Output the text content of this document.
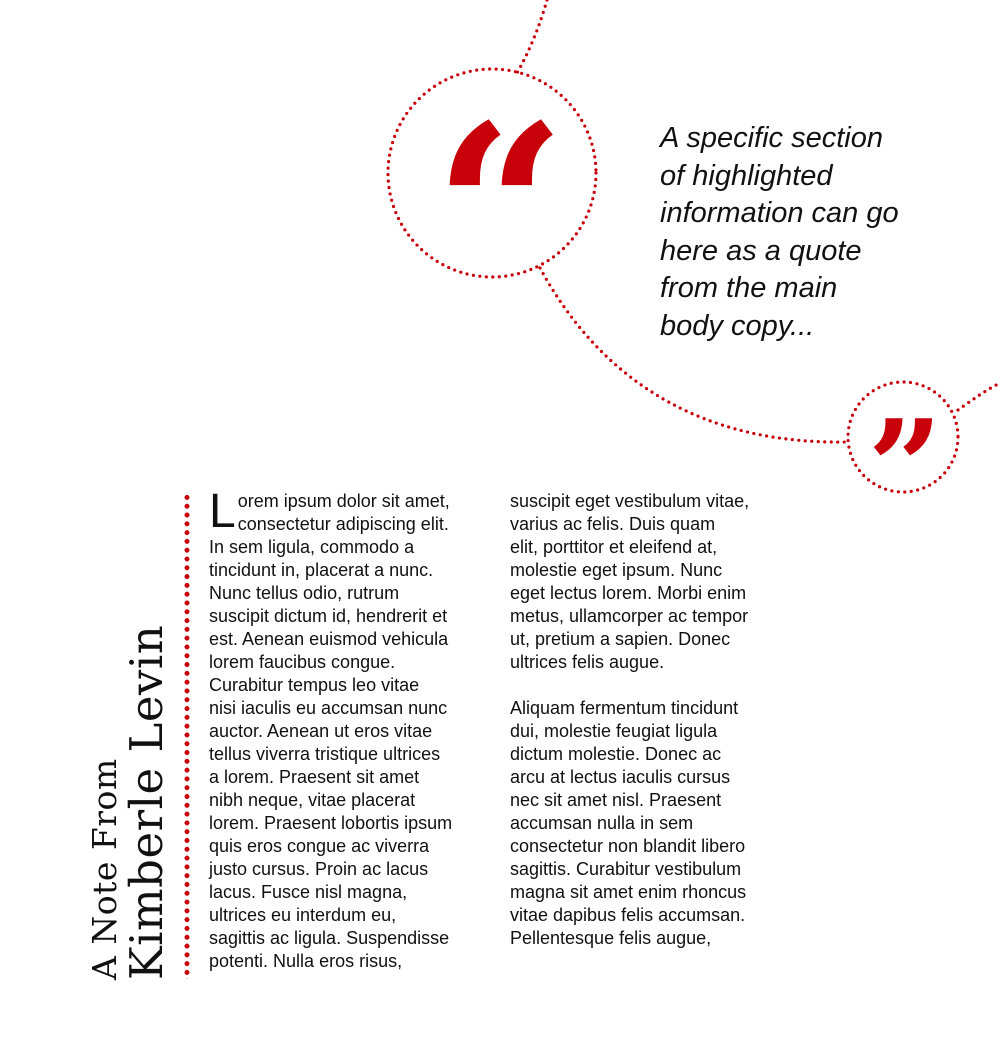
“
”
A specific section
of highlighted
information can go
here as a quote
from the main
body copy...
A Note From
Kimberle Levin

L orem ipsum dolor sit amet,
consectetur adipiscing elit.
In sem ligula, commodo a
tincidunt in, placerat a nunc.
Nunc tellus odio, rutrum
suscipit dictum id, hendrerit et
est. Aenean euismod vehicula
lorem faucibus congue.
Curabitur tempus leo vitae
nisi iaculis eu accumsan nunc
auctor. Aenean ut eros vitae
tellus viverra tristique ultrices
a lorem. Praesent sit amet
nibh neque, vitae placerat
lorem. Praesent lobortis ipsum
quis eros congue ac viverra
justo cursus. Proin ac lacus
lacus. Fusce nisl magna,
ultrices eu interdum eu,
sagittis ac ligula. Suspendisse
potenti. Nulla eros risus,

suscipit eget vestibulum vitae,
varius ac felis. Duis quam
elit, porttitor et eleifend at,
molestie eget ipsum. Nunc
eget lectus lorem. Morbi enim
metus, ullamcorper ac tempor
ut, pretium a sapien. Donec
ultrices felis augue.

Aliquam fermentum tincidunt
dui, molestie feugiat ligula
dictum molestie. Donec ac
arcu at lectus iaculis cursus
nec sit amet nisl. Praesent
accumsan nulla in sem
consectetur non blandit libero
sagittis. Curabitur vestibulum
magna sit amet enim rhoncus
vitae dapibus felis accumsan.
Pellentesque felis augue,
